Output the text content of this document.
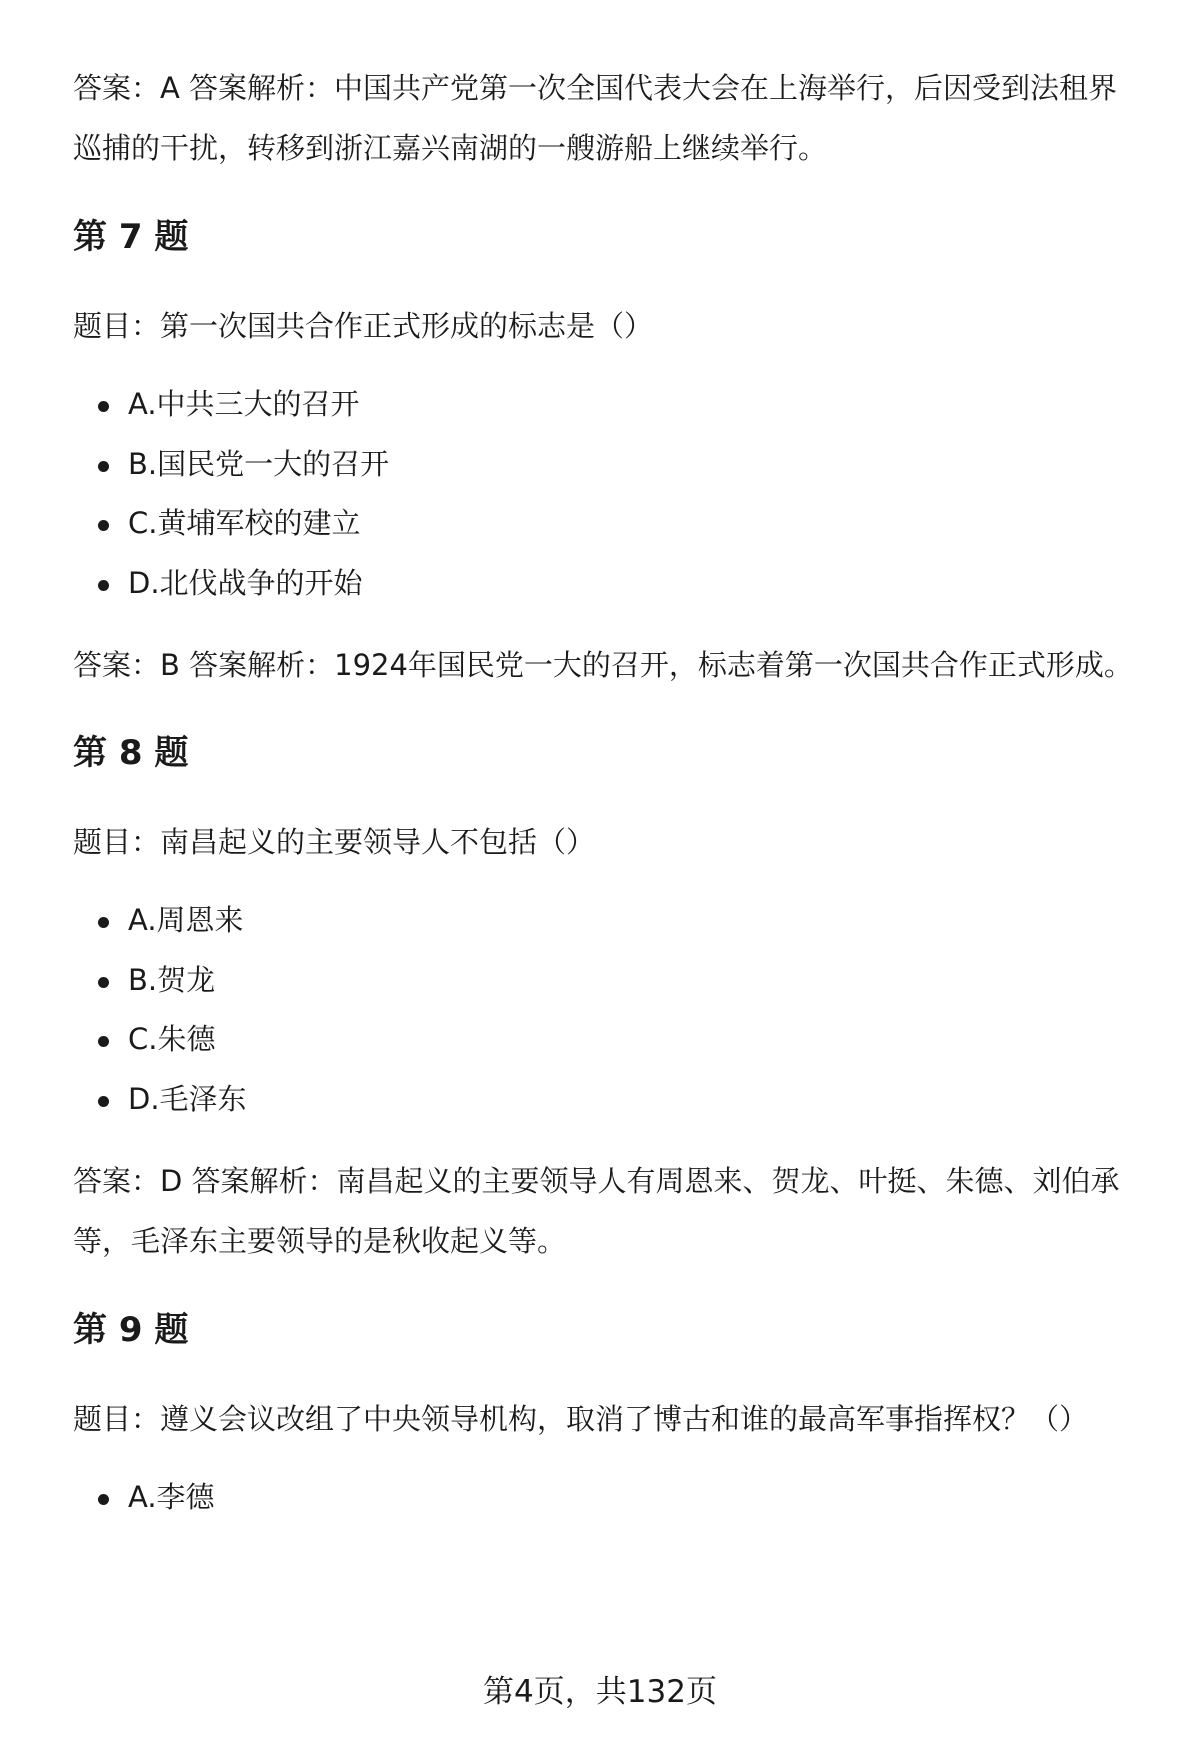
答案：A 答案解析：中国共产党第一次全国代表大会在上海举行，后因受到法租界
巡捕的干扰，转移到浙江嘉兴南湖的一艘游船上继续举行。

第 7 题

题目：第一次国共合作正式形成的标志是（）

A.中共三大的召开
B.国民党一大的召开
C.黄埔军校的建立
D.北伐战争的开始

答案：B 答案解析：1924年国民党一大的召开，标志着第一次国共合作正式形成。

第 8 题

题目：南昌起义的主要领导人不包括（）

A.周恩来
B.贺龙
C.朱德
D.毛泽东

答案：D 答案解析：南昌起义的主要领导人有周恩来、贺龙、叶挺、朱德、刘伯承
等，毛泽东主要领导的是秋收起义等。

第 9 题

题目：遵义会议改组了中央领导机构，取消了博古和谁的最高军事指挥权？（）

A.李德
第4页，共132页
